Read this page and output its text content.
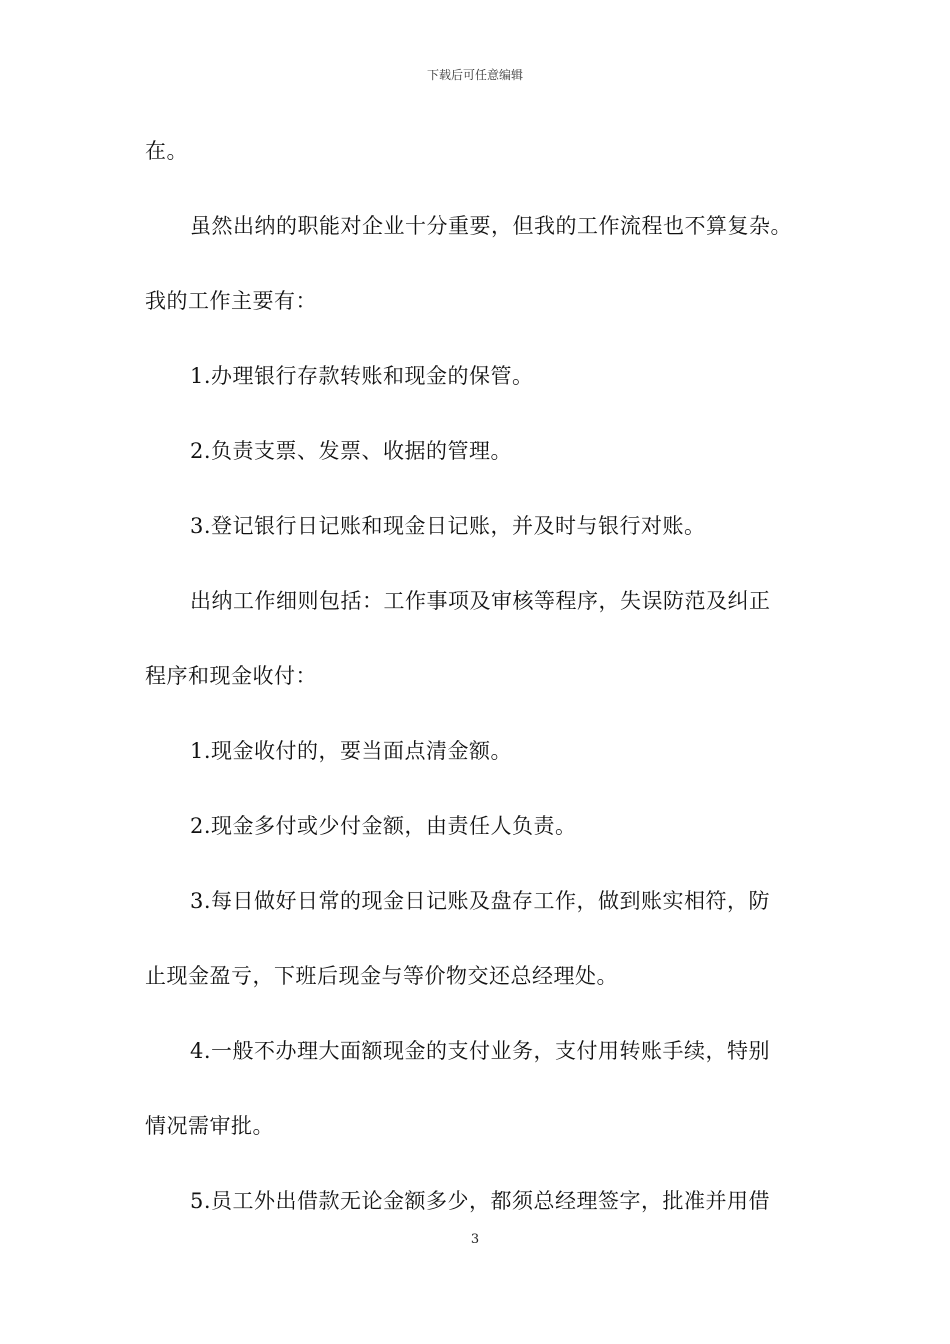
下载后可任意编辑
在。
虽然出纳的职能对企业十分重要，但我的工作流程也不算复杂。
我的工作主要有：
1.办理银行存款转账和现金的保管。
2.负责支票、发票、收据的管理。
3.登记银行日记账和现金日记账，并及时与银行对账。
出纳工作细则包括：工作事项及审核等程序，失误防范及纠正
程序和现金收付：
1.现金收付的，要当面点清金额。
2.现金多付或少付金额，由责任人负责。
3.每日做好日常的现金日记账及盘存工作，做到账实相符，防
止现金盈亏，下班后现金与等价物交还总经理处。
4.一般不办理大面额现金的支付业务，支付用转账手续，特别
情况需审批。
5.员工外出借款无论金额多少，都须总经理签字，批准并用借
3
